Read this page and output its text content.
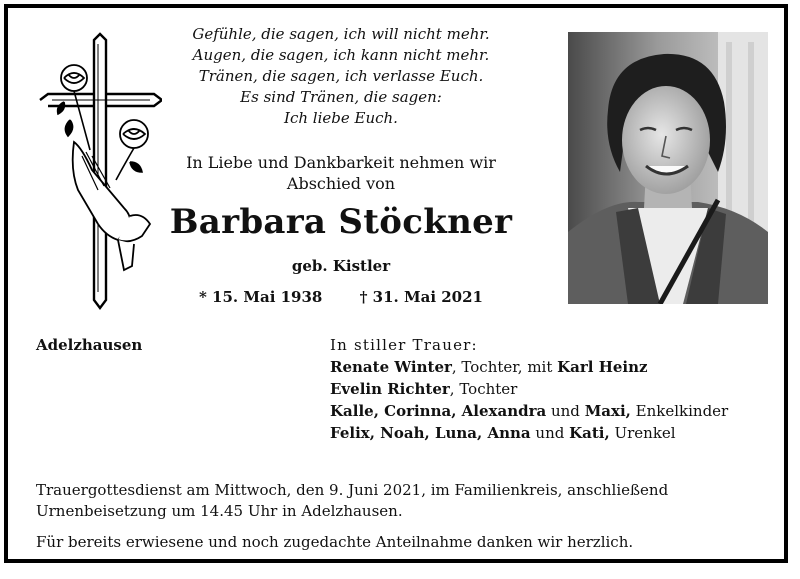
Gefühle, die sagen, ich will nicht mehr.
Augen, die sagen, ich kann nicht mehr.
Tränen, die sagen, ich verlasse Euch.
Es sind Tränen, die sagen:
Ich liebe Euch.
In Liebe und Dankbarkeit nehmen wir
Abschied von
Barbara Stöckner
geb. Kistler
* 15. Mai 1938 † 31. Mai 2021
Adelzhausen	In stiller Trauer:
Renate Winter, Tochter, mit Karl Heinz
Evelin Richter, Tochter
Kalle, Corinna, Alexandra und Maxi, Enkelkinder
Felix, Noah, Luna, Anna und Kati, Urenkel

Trauergottesdienst am Mittwoch, den 9. Juni 2021, im Familienkreis, anschließend

Urnenbeisetzung um 14.45 Uhr in Adelzhausen.

Für bereits erwiesene und noch zugedachte Anteilnahme danken wir herzlich.
